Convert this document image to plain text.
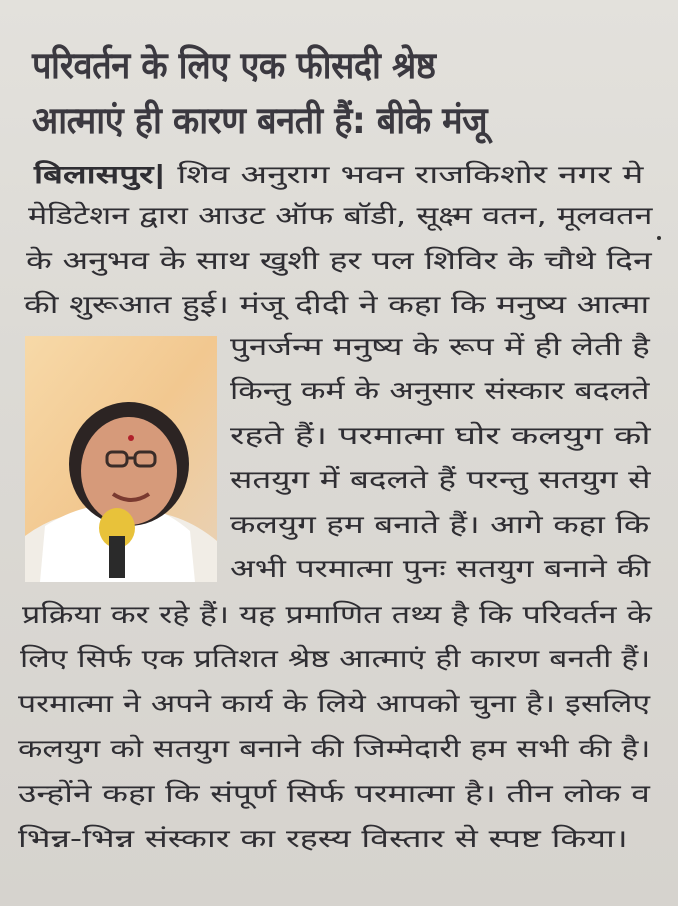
परिवर्तन के लिए एक फीसदी श्रेष्ठ
आत्माएं ही कारण बनती हैं: बीके मंजू
बिलासपुर| शिव अनुराग भवन राजकिशोर नगर मे
मेडिटेशन द्वारा आउट ऑफ बॉडी, सूक्ष्म वतन, मूलवतन
के अनुभव के साथ खुशी हर पल शिविर के चौथे दिन
की शुरूआत हुई। मंजू दीदी ने कहा कि मनुष्य आत्मा
पुनर्जन्म मनुष्य के रूप में ही लेती है
किन्तु कर्म के अनुसार संस्कार बदलते
रहते हैं। परमात्मा घोर कलयुग को
सतयुग में बदलते हैं परन्तु सतयुग से
कलयुग हम बनाते हैं। आगे कहा कि
अभी परमात्मा पुनः सतयुग बनाने की
प्रक्रिया कर रहे हैं। यह प्रमाणित तथ्य है कि परिवर्तन के
लिए सिर्फ एक प्रतिशत श्रेष्ठ आत्माएं ही कारण बनती हैं।
परमात्मा ने अपने कार्य के लिये आपको चुना है। इसलिए
कलयुग को सतयुग बनाने की जिम्मेदारी हम सभी की है।
उन्होंने कहा कि संपूर्ण सिर्फ परमात्मा है। तीन लोक व
भिन्न-भिन्न संस्कार का रहस्य विस्तार से स्पष्ट किया।
